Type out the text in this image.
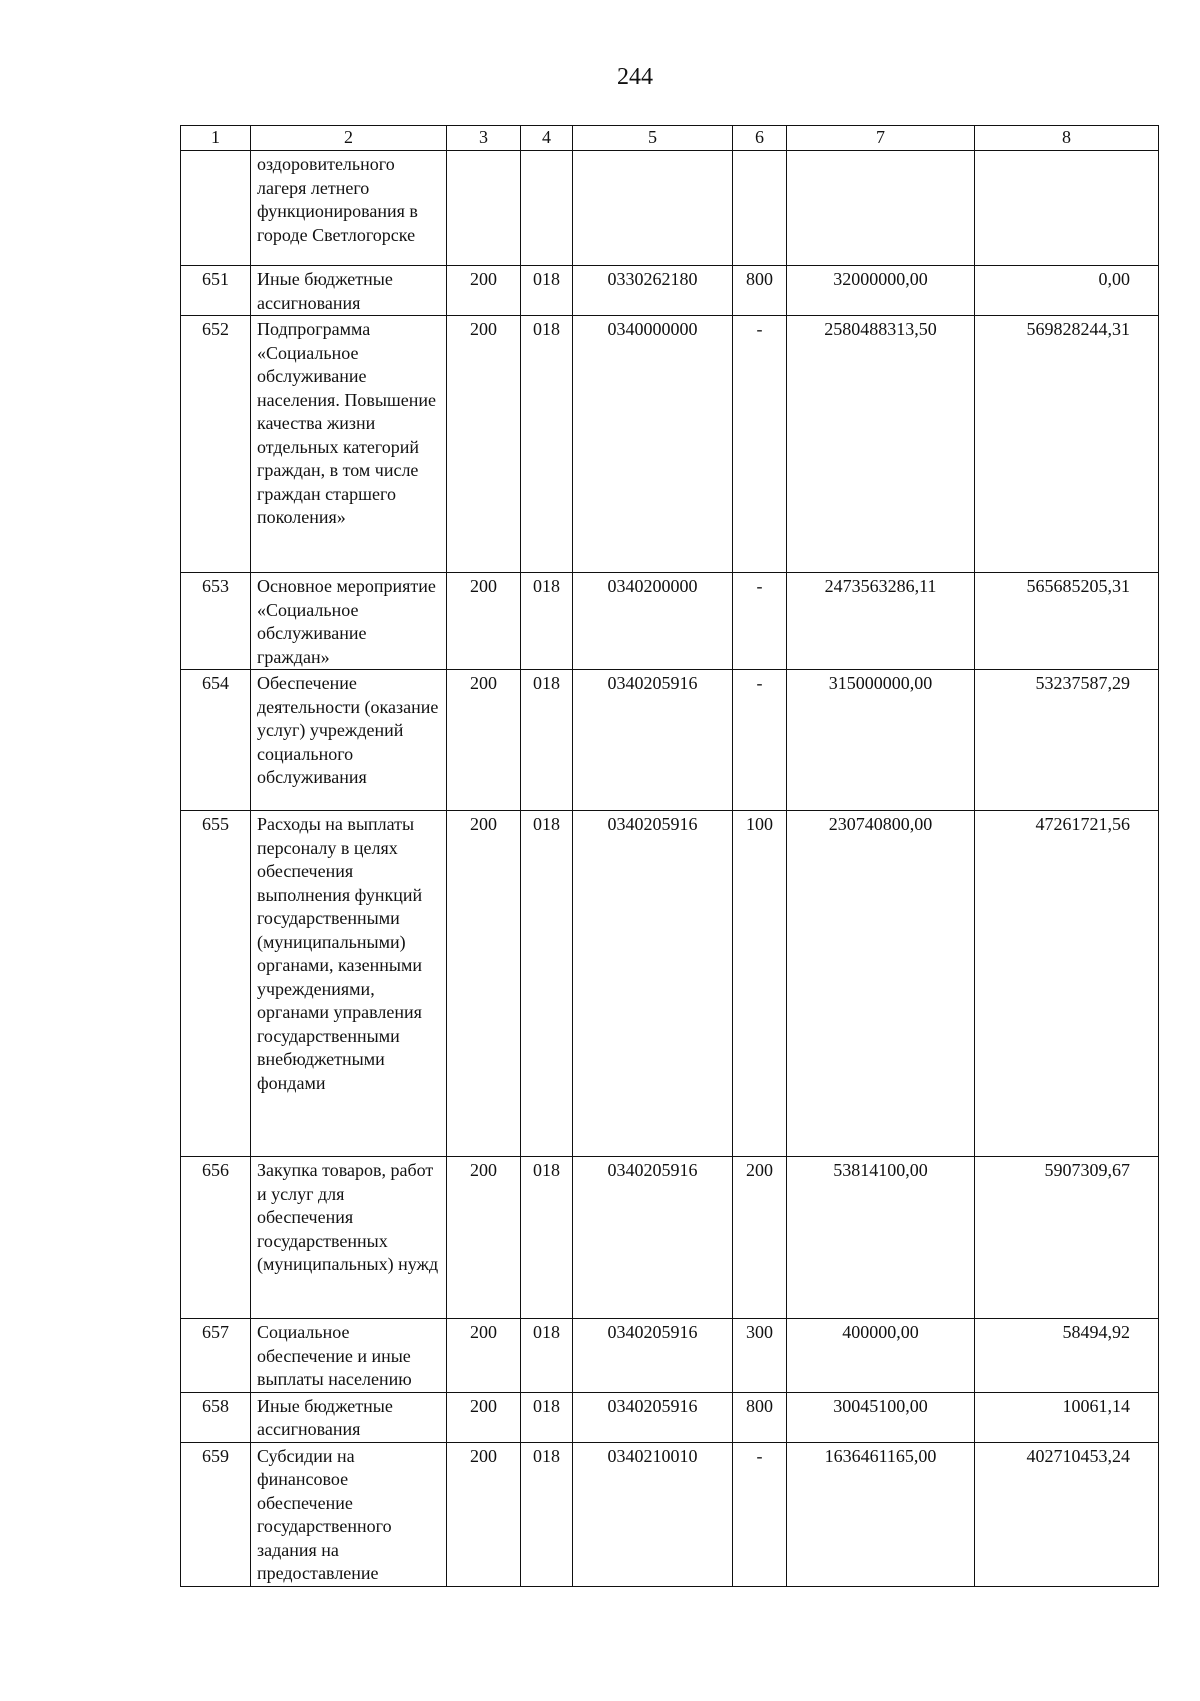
244
1	2	3	4	5	6	7	8
	оздоровительного лагеря летнего функционирования в городе Светлогорске						
651	Иные бюджетные ассигнования	200	018	0330262180	800	32000000,00	0,00
652	Подпрограмма «Социальное обслуживание населения. Повышение качества жизни отдельных категорий граждан, в том числе граждан старшего поколения»	200	018	0340000000	-	2580488313,50	569828244,31
653	Основное мероприятие «Социальное обслуживание граждан»	200	018	0340200000	-	2473563286,11	565685205,31
654	Обеспечение деятельности (оказание услуг) учреждений социального обслуживания	200	018	0340205916	-	315000000,00	53237587,29
655	Расходы на выплаты персоналу в целях обеспечения выполнения функций государственными (муниципальными) органами, казенными учреждениями, органами управления государственными внебюджетными фондами	200	018	0340205916	100	230740800,00	47261721,56
656	Закупка товаров, работ и услуг для обеспечения государственных (муниципальных) нужд	200	018	0340205916	200	53814100,00	5907309,67
657	Социальное обеспечение и иные выплаты населению	200	018	0340205916	300	400000,00	58494,92
658	Иные бюджетные ассигнования	200	018	0340205916	800	30045100,00	10061,14
659	Субсидии на финансовое обеспечение государственного задания на предоставление	200	018	0340210010	-	1636461165,00	402710453,24
